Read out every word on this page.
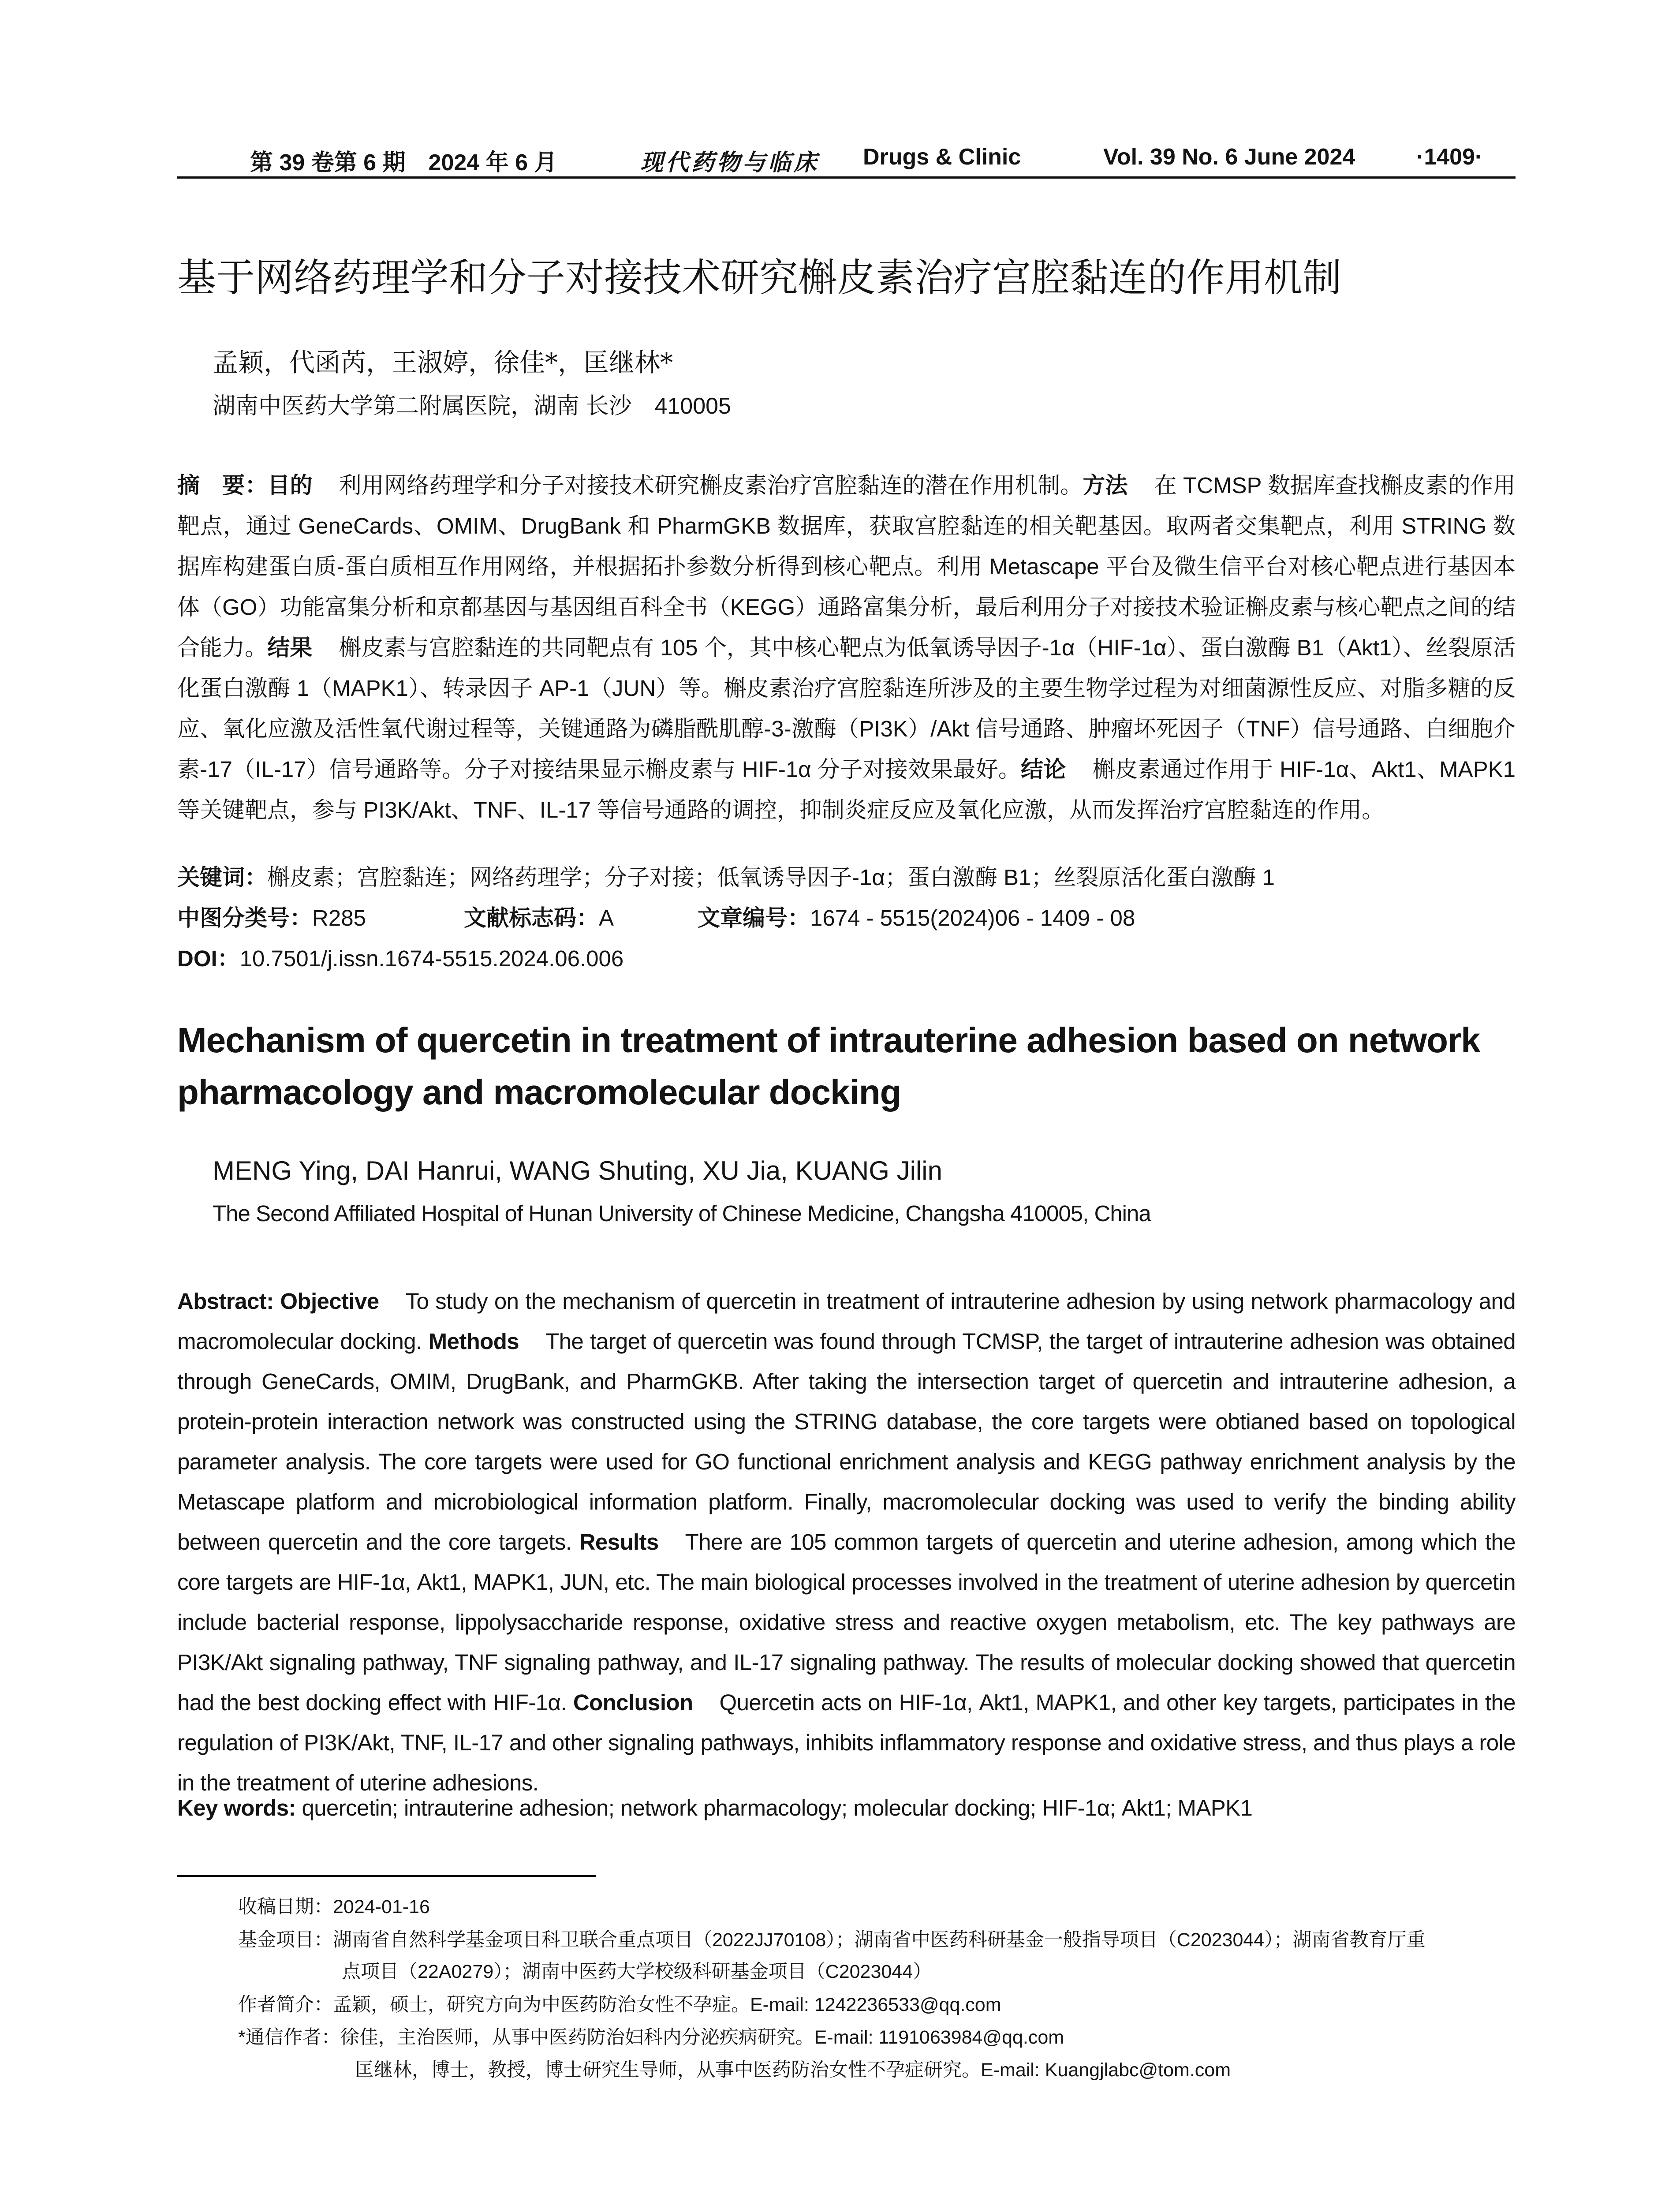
第 39 卷第 6 期　2024 年 6 月	现代药物与临床 Drugs & Clinic	Vol. 39 No. 6 June 2024	·1409·
基于网络药理学和分子对接技术研究槲皮素治疗宫腔黏连的作用机制
孟颖，代函芮，王淑婷，徐佳*，匡继林*
湖南中医药大学第二附属医院，湖南 长沙　410005

摘　要：目的 利用网络药理学和分子对接技术研究槲皮素治疗宫腔黏连的潜在作用机制。方法 在 TCMSP 数据库查找槲皮素的作用靶点，通过 GeneCards、OMIM、DrugBank 和 PharmGKB 数据库，获取宫腔黏连的相关靶基因。取两者交集靶点，利用 STRING 数据库构建蛋白质-蛋白质相互作用网络，并根据拓扑参数分析得到核心靶点。利用 Metascape 平台及微生信平台对核心靶点进行基因本体（GO）功能富集分析和京都基因与基因组百科全书（KEGG）通路富集分析，最后利用分子对接技术验证槲皮素与核心靶点之间的结合能力。结果 槲皮素与宫腔黏连的共同靶点有 105 个，其中核心靶点为低氧诱导因子-1α（HIF-1α）、蛋白激酶 B1（Akt1）、丝裂原活化蛋白激酶 1（MAPK1）、转录因子 AP-1（JUN）等。槲皮素治疗宫腔黏连所涉及的主要生物学过程为对细菌源性反应、对脂多糖的反应、氧化应激及活性氧代谢过程等，关键通路为磷脂酰肌醇-3-激酶（PI3K）/Akt 信号通路、肿瘤坏死因子（TNF）信号通路、白细胞介素-17（IL-17）信号通路等。分子对接结果显示槲皮素与 HIF-1α 分子对接效果最好。结论 槲皮素通过作用于 HIF-1α、Akt1、MAPK1 等关键靶点，参与 PI3K/Akt、TNF、IL-17 等信号通路的调控，抑制炎症反应及氧化应激，从而发挥治疗宫腔黏连的作用。

关键词：槲皮素；宫腔黏连；网络药理学；分子对接；低氧诱导因子-1α；蛋白激酶 B1；丝裂原活化蛋白激酶 1
中图分类号：R285	文献标志码：A	文章编号：1674 - 5515(2024)06 - 1409 - 08
DOI：10.7501/j.issn.1674-5515.2024.06.006
Mechanism of quercetin in treatment of intrauterine adhesion based on network pharmacology and macromolecular docking
MENG Ying, DAI Hanrui, WANG Shuting, XU Jia, KUANG Jilin
The Second Affiliated Hospital of Hunan University of Chinese Medicine, Changsha 410005, China

Abstract: Objective To study on the mechanism of quercetin in treatment of intrauterine adhesion by using network pharmacology and macromolecular docking. Methods The target of quercetin was found through TCMSP, the target of intrauterine adhesion was obtained through GeneCards, OMIM, DrugBank, and PharmGKB. After taking the intersection target of quercetin and intrauterine adhesion, a protein-protein interaction network was constructed using the STRING database, the core targets were obtianed based on topological parameter analysis. The core targets were used for GO functional enrichment analysis and KEGG pathway enrichment analysis by the Metascape platform and microbiological information platform. Finally, macromolecular docking was used to verify the binding ability between quercetin and the core targets. Results There are 105 common targets of quercetin and uterine adhesion, among which the core targets are HIF-1α, Akt1, MAPK1, JUN, etc. The main biological processes involved in the treatment of uterine adhesion by quercetin include bacterial response, lippolysaccharide response, oxidative stress and reactive oxygen metabolism, etc. The key pathways are PI3K/Akt signaling pathway, TNF signaling pathway, and IL-17 signaling pathway. The results of molecular docking showed that quercetin had the best docking effect with HIF-1α. Conclusion Quercetin acts on HIF-1α, Akt1, MAPK1, and other key targets, participates in the regulation of PI3K/Akt, TNF, IL-17 and other signaling pathways, inhibits inflammatory response and oxidative stress, and thus plays a role in the treatment of uterine adhesions.

Key words: quercetin; intrauterine adhesion; network pharmacology; molecular docking; HIF-1α; Akt1; MAPK1
收稿日期：2024-01-16
基金项目：湖南省自然科学基金项目科卫联合重点项目（2022JJ70108）；湖南省中医药科研基金一般指导项目（C2023044）；湖南省教育厅重
点项目（22A0279）；湖南中医药大学校级科研基金项目（C2023044）
作者简介：孟颖，硕士，研究方向为中医药防治女性不孕症。E-mail: 1242236533@qq.com
*通信作者：徐佳，主治医师，从事中医药防治妇科内分泌疾病研究。E-mail: 1191063984@qq.com
匡继林，博士，教授，博士研究生导师，从事中医药防治女性不孕症研究。E-mail: Kuangjlabc@tom.com
